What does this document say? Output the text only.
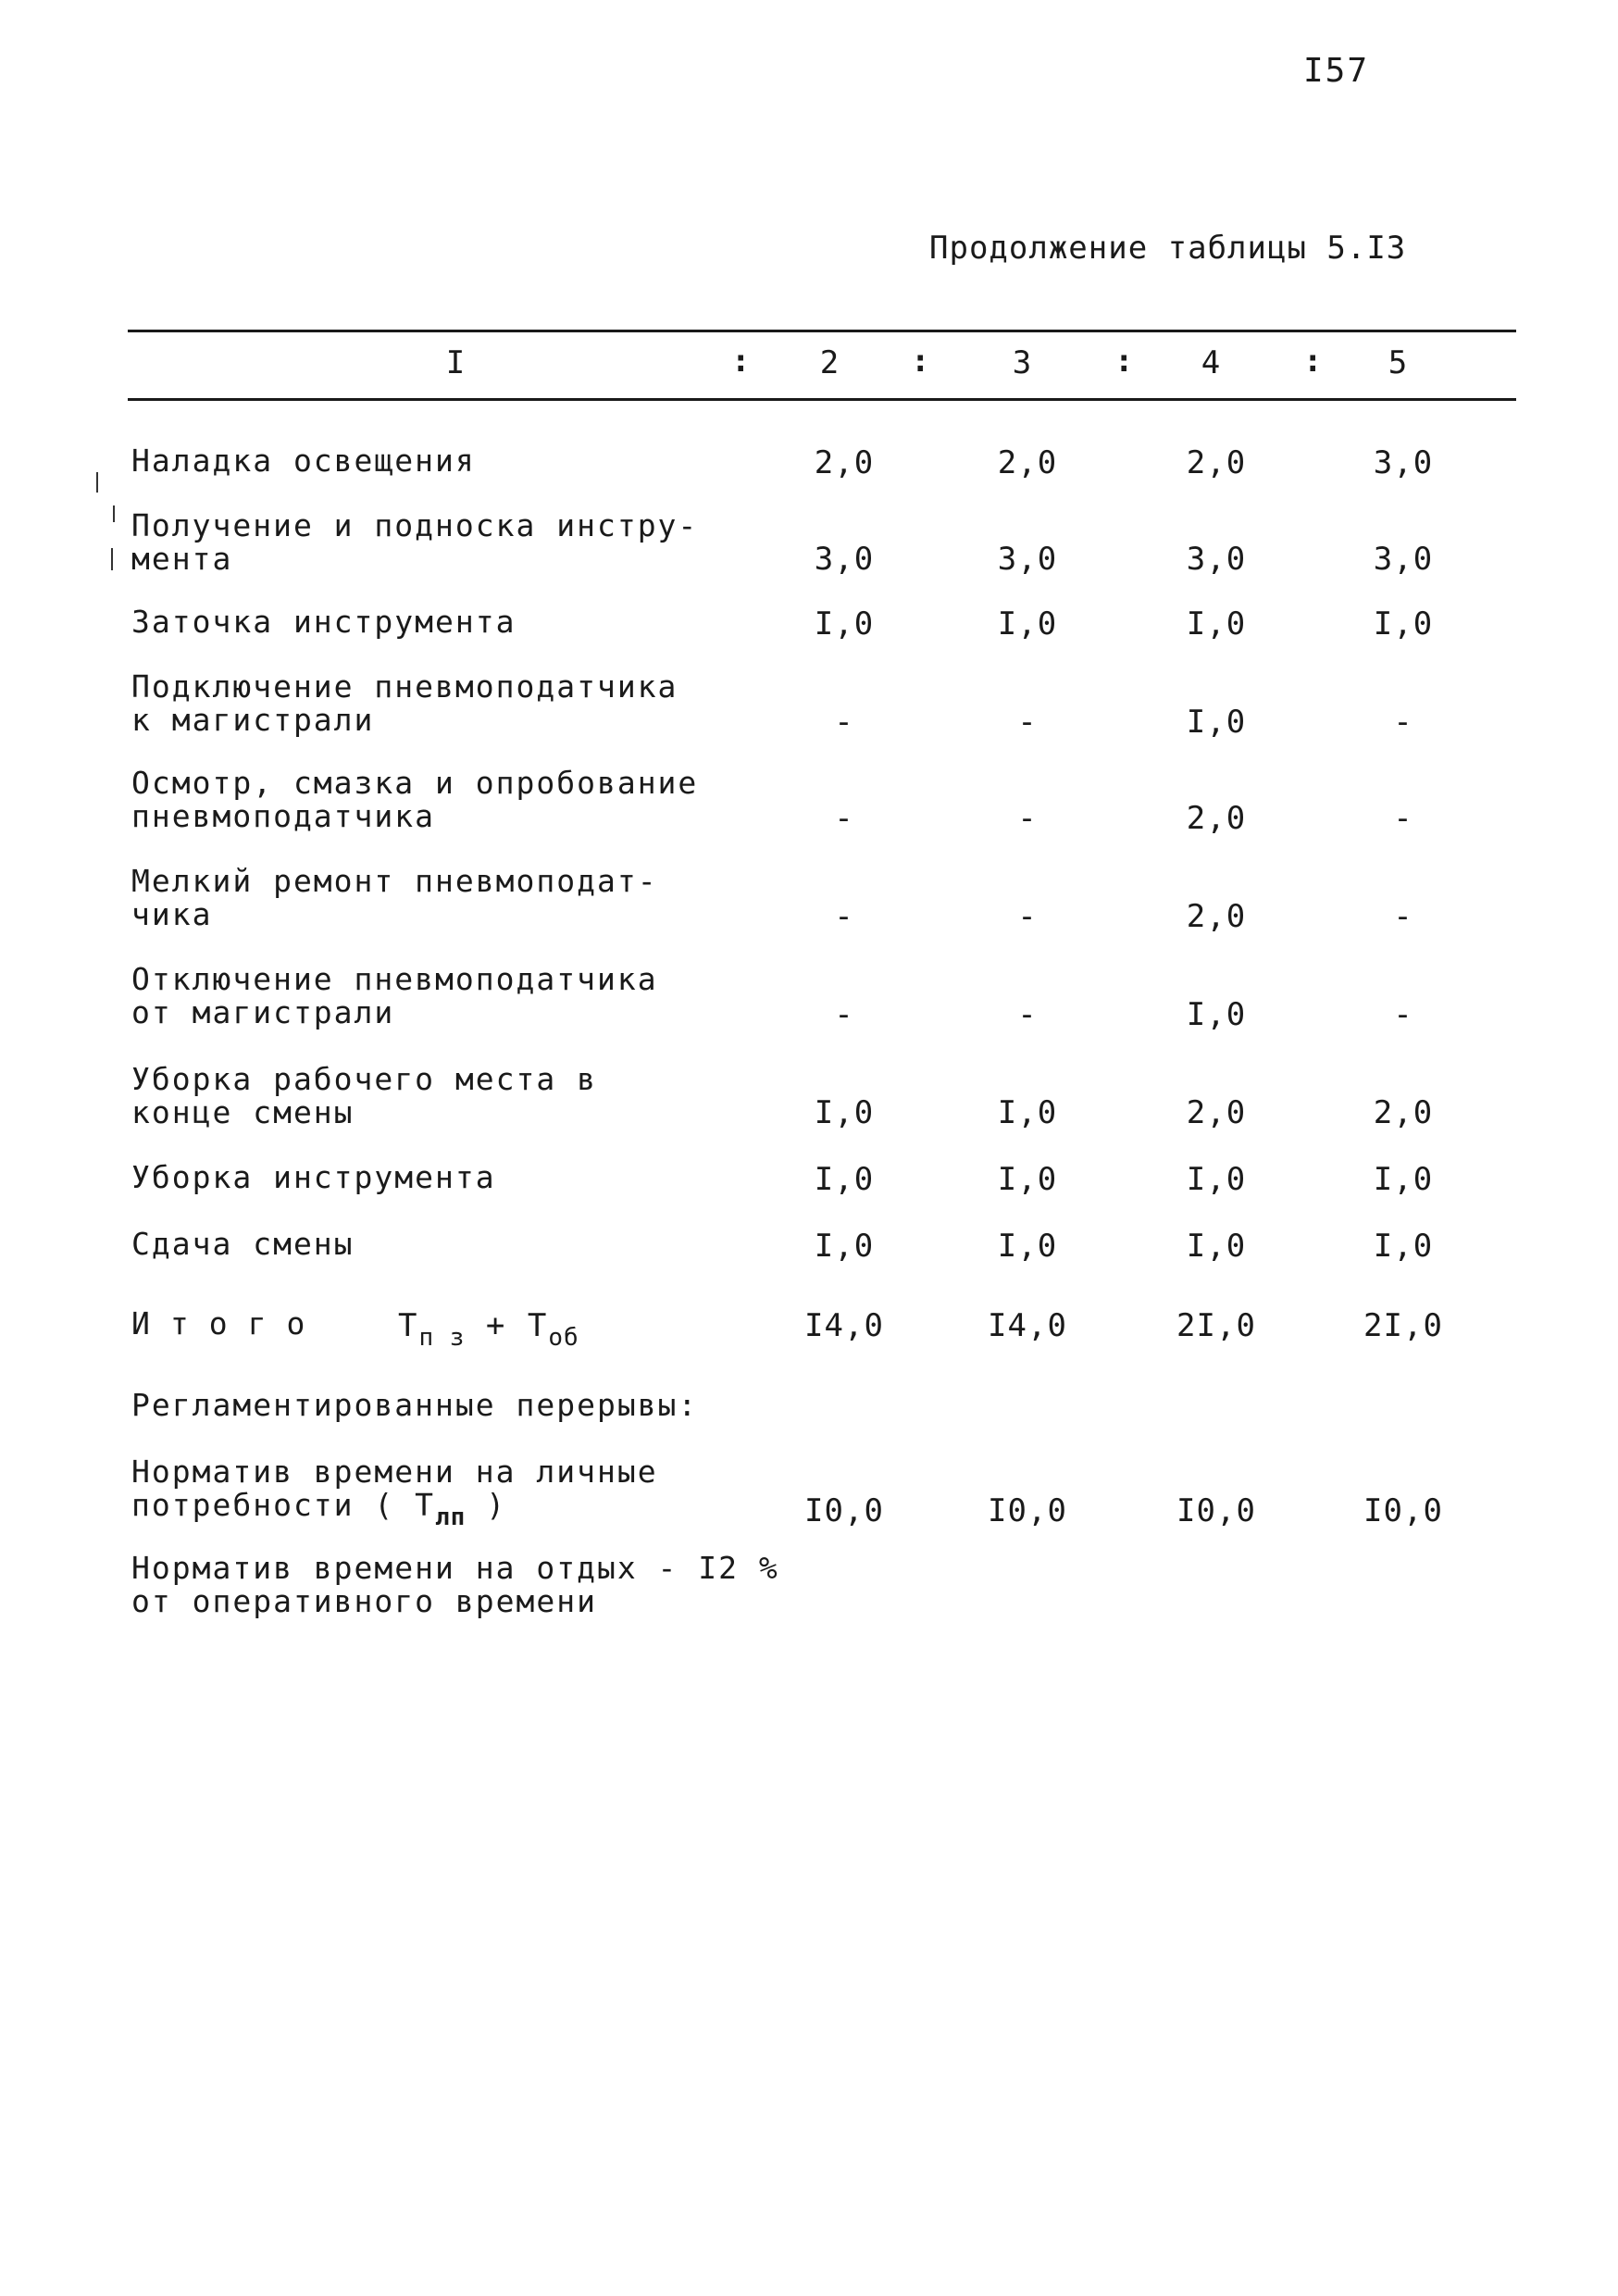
I57
Продолжение таблицы 5.I3
I	:	2	:	3	:	4	:	5
Наладка освещения	2,0	2,0	2,0	3,0
Получение и подноска инстру-
мента	3,0	3,0	3,0	3,0
Заточка инструмента	I,0	I,0	I,0	I,0
Подключение пневмоподатчика
к магистрали	-	-	I,0	-
Осмотр, смазка и опробование
пневмоподатчика	-	-	2,0	-
Мелкий ремонт пневмоподат-
чика	-	-	2,0	-
Отключение пневмоподатчика
от магистрали	-	-	I,0	-
Уборка рабочего места в
конце смены	I,0	I,0	2,0	2,0
Уборка инструмента	I,0	I,0	I,0	I,0
Сдача смены	I,0	I,0	I,0	I,0
Итого	$T_{п з} + T_{об}$	I4,0	I4,0	2I,0	2I,0
Регламентированные перерывы:
Норматив времени на личные
потребности ( $T_{лп}$ )	I0,0	I0,0	I0,0	I0,0
Норматив времени на отдых - I2 %
от оперативного времени
